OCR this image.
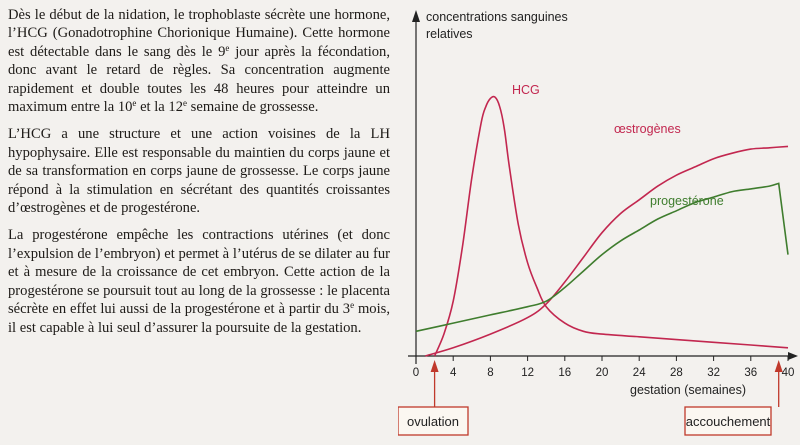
Dès le début de la nidation, le trophoblaste sécrète une hormone, l’HCG (Gonadotrophine Chorionique Humaine). Cette hormone est détectable dans le sang dès le 9e jour après la fécondation, donc avant le retard de règles. Sa concentration augmente rapidement et double toutes les 48 heures pour atteindre un maximum entre la 10e et la 12e semaine de grossesse.

L’HCG a une structure et une action voisines de la LH hypophysaire. Elle est responsable du maintien du corps jaune et de sa transformation en corps jaune de grossesse. Le corps jaune répond à la stimulation en sécrétant des quantités croissantes d’œstrogènes et de progestérone.

La progestérone empêche les contractions utérines (et donc l’expulsion de l’embryon) et permet à l’utérus de se dilater au fur et à mesure de la croissance de cet embryon. Cette action de la progestérone se poursuit tout au long de la grossesse : le placenta sécrète en effet lui aussi de la progestérone et à partir du 3e mois, il est capable à lui seul d’assurer la poursuite de la gestation.

concentrations sanguines
relatives
0	4	8 12 16 20 24 28 32 36 40
gestation (semaines)
HCG
œstrogènes
progestérone
ovulation	accouchement
